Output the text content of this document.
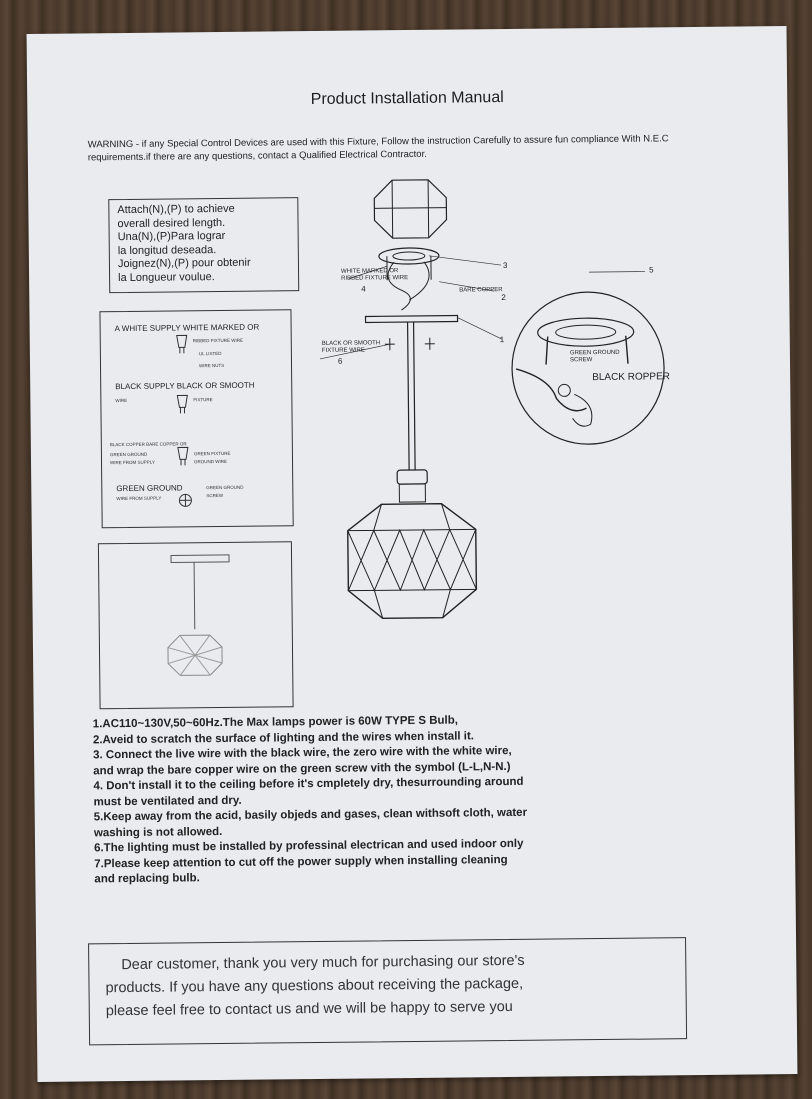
Product Installation Manual
WARNING - if any Special Control Devices are used with this Fixture, Follow the instruction Carefully to assure fun compliance With N.E.C requirements.if there are any questions, contact a Qualified Electrical Contractor.
Attach(N),(P) to achieve
overall desired length.
Una(N),(P)Para lograr
la longitud deseada.
Joignez(N),(P) pour obtenir
la Longueur voulue.
A WHITE SUPPLY WHITE MARKED OR
RIBBED FIXTURE WIRE
UL LISTED
WIRE NUTS
BLACK SUPPLY BLACK OR SMOOTH
WIRE	FIXTURE
BLACK COPPER BARE COPPER OR
GREEN GROUND
WIRE FROM SUPPLY
GREEN FIXTURE
GROUND WIRE
GREEN GROUND
WIRE FROM SUPPLY
GREEN GROUND
SCREW
WHITE MARKED OR
RIBBED FIXTURE WIRE
3
4	BARE COPPER
2
5
BLACK OR SMOOTH
FIXTURE WIRE
1
6
GREEN GROUND SCREW
BLACK ROPPER
1.AC110~130V,50~60Hz.The Max lamps power is 60W TYPE S Bulb,
2.Aveid to scratch the surface of lighting and the wires when install it.
3. Connect the live wire with the black wire, the zero wire with the white wire,
and wrap the bare copper wire on the green screw vith the symbol (L-L,N-N.)
4. Don't install it to the ceiling before it's cmpletely dry, thesurrounding around
must be ventilated and dry.
5.Keep away from the acid, basily objeds and gases, clean withsoft cloth, water
washing is not allowed.
6.The lighting must be installed by professinal electrican and used indoor only
7.Please keep attention to cut off the power supply when installing cleaning
and replacing bulb.
Dear customer, thank you very much for purchasing our store's
products. If you have any questions about receiving the package,
please feel free to contact us and we will be happy to serve you
